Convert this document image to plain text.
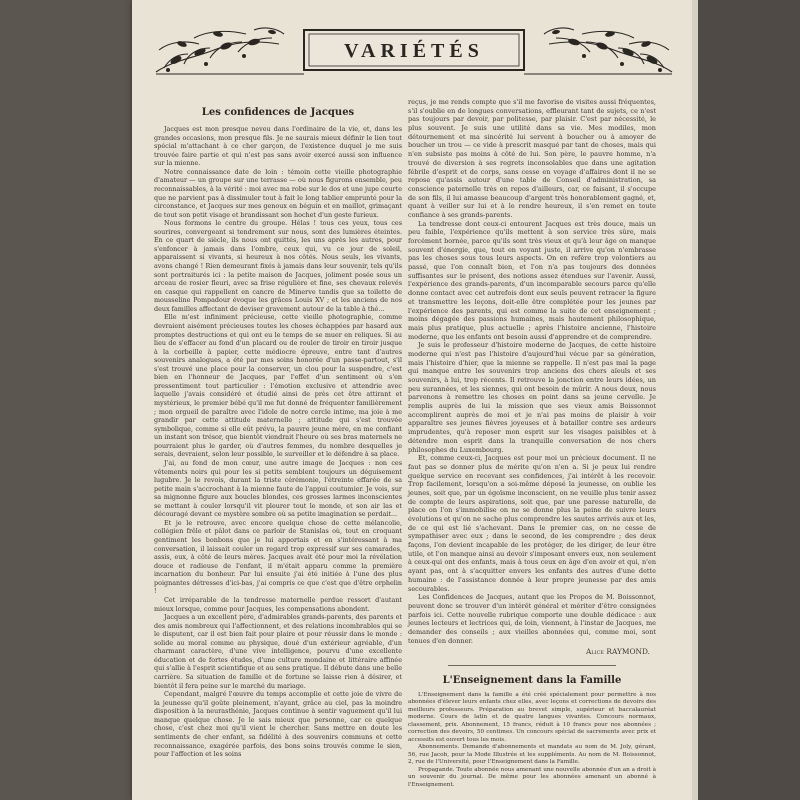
VARIÉTÉS
Les confidences de Jacques

Jacques est mon presque neveu dans l'ordinaire de la vie, et, dans les grandes occasions, mon presque fils. Je ne saurais mieux définir le lien tout spécial m'attachant à ce cher garçon, de l'existence duquel je me suis trouvée faire partie et qui n'est pas sans avoir exercé aussi son influence sur la mienne.

Notre connaissance date de loin : témoin cette vieille photographie d'amateur — un groupe sur une terrasse — où nous figurons ensemble, peu reconnaissables, à la vérité : moi avec ma robe sur le dos et une jupe courte que ne parvient pas à dissimuler tout à fait le long tablier emprunté pour la circonstance, et Jacques sur mes genoux en béguin et en maillot, grimaçant de tout son petit visage et brandissant son hochet d'un geste furieux.

Nous formons le centre du groupe. Hélas ! tous ces yeux, tous ces sourires, convergeant si tendrement sur nous, sont des lumières éteintes. En ce quart de siècle, ils nous ont quittés, les uns après les autres, pour s'enfoncer à jamais dans l'ombre, ceux qui, vu ce jour de soleil, apparaissent si vivants, si heureux à nos côtés. Nous seuls, les vivants, avons changé ! Rien demeurant fixés à jamais dans leur souvenir, tels qu'ils sont portraiturés ici : la petite maison de Jacques, joliment posée sous un arceau de rosier fleuri, avec sa frise régulière et fine, ses chevaux relevés en casque qui rappellent en cancre de Minerve tandis que sa toilette de mousseline Pompadour évoque les grâces Louis XV ; et les anciens de nos deux familles affectant de deviser gravement autour de la table à thé...

Elle m'est infiniment précieuse, cette vieille photographie, comme devraient aisément précieuses toutes les choses échappées par hasard aux promptes destructions et qui ont eu le temps de se muer en reliques. Si au lieu de s'effacer au fond d'un placard ou de rouler de tiroir en tiroir jusque à la corbeille à papier, cette médiocre épreuve, entre tant d'autres souvenirs analogues, a été par mes soins honorée d'un passe-partout, s'il s'est trouvé une place pour la conserver, un clou pour la suspendre, c'est bien en l'honneur de Jacques, par l'effet d'un sentiment où s'en pressentiment tout particulier : l'émotion exclusive et attendrie avec laquelle j'avais considéré et étudié ainsi de près cet être attirant et mystérieux, le premier bébé qu'il me fut donné de fréquenter familièrement ; mon orgueil de paraître avec l'idole de notre cercle intime, ma joie à me grandir par cette attitude maternelle ; attitude qui s'est trouvée symbolique, comme si elle eût prévu, la pauvre jeune mère, en me confiant un instant son trésor, que bientôt viendrait l'heure où ses bras maternels ne pourraient plus le garder, où d'autres femmes, du nombre desquelles je serais, devraient, selon leur possible, le surveiller et le défendre à sa place.

J'ai, au fond de mon cœur, une autre image de Jacques : non ces vêtements noirs qui pour les si petits semblent toujours un déguisement lugubre. Je le revois, durant la triste cérémonie, l'étreinte effarée de sa petite main s'accrochant à la mienne faute de l'appui coutumier. Je vois, sur sa mignonne figure aux boucles blondes, ces grosses larmes inconscientes se mettant à couler lorsqu'il vit pleurer tout le monde, et son air las et découragé devant ce mystère sombre où sa petite imagination se perdait...

Et je le retrouve, avec encore quelque chose de cette mélancolie, collégien frêle et pâlot dans ce parloir de Stanislas où, tout en croquant gentiment les bonbons que je lui apportais et en s'intéressant à ma conversation, il laissait couler un regard trop expressif sur ses camarades, assis, eux, à côté de leurs mères. Jacques avait été pour moi la révélation douce et radieuse de l'enfant, il m'était apparu comme la première incarnation du bonheur. Par lui ensuite j'ai été initiée à l'une des plus poignantes détresses d'ici-bas, j'ai compris ce que c'est que d'être orphelin !

Cet irréparable de la tendresse maternelle perdue ressort d'autant mieux lorsque, comme pour Jacques, les compensations abondent.

Jacques a un excellent père, d'admirables grands-parents, des parents et des amis nombreux qui l'affectionnent, et des relations incombrables qui se le disputent, car il est bien fait pour plaire et pour réussir dans le monde : solide au moral comme au physique, doué d'un extérieur agréable, d'un charmant caractère, d'une vive intelligence, pourvu d'une excellente éducation et de fortes études, d'une culture mondaine et littéraire affinée qui s'allie à l'esprit scientifique et au sens pratique. Il débute dans une belle carrière. Sa situation de famille et de fortune se laisse rien à désirer, et bientôt il fera peine sur le marché du mariage.

Cependant, malgré l'œuvre du temps accomplie et cette joie de vivre de la jeunesse qu'il goûte pleinement, n'ayant, grâce au ciel, pas la moindre disposition à la neurasthénie, Jacques continue à sentir vaguement qu'il lui manque quelque chose. Je le sais mieux que personne, car ce quelque chose, c'est chez moi qu'il vient le chercher. Sans mettre en doute les sentiments de cher enfant, sa fidélité à des souvenirs communs et cette reconnaissance, exagérée parfois, des bons soins trouvés comme le sien, pour l'affection et les soins

reçus, je me rends compte que s'il me favorise de visites aussi fréquentes, s'il s'oublie en de longues conversations, effleurant tant de sujets, ce n'est pas toujours par devoir, par politesse, par plaisir. C'est par nécessité, le plus souvent. Je suis une utilité dans sa vie. Mes modiles, mon détournement et ma sincérité lui servent à boucher ou à amoyer de boucher un trou — ce vide à prescrit masqué par tant de choses, mais qui n'en subsiste pas moins à côté de lui. Son père, le pauvre homme, n'a trouvé de diversion à ses regrets inconsolables que dans une agitation fébrile d'esprit et de corps, sans cesse en voyage d'affaires dont il ne se repose qu'assis autour d'une table de Conseil d'administration, sa conscience paternelle très en repos d'ailleurs, car, ce faisant, il s'occupe de son fils, il lui amasse beaucoup d'argent très honorablement gagné, et, quant à veiller sur lui et à le rendre heureux, il s'en remet en toute confiance à ses grands-parents.

La tendresse dont ceux-ci entourent Jacques est très douce, mais un peu faible, l'expérience qu'ils mettent à son service très sûre, mais forcément bornée, parce qu'ils sont très vieux et qu'à leur âge on manque souvent d'énergie, que, tout en voyant juste, il arrive qu'on n'embrasse pas les choses sous tous leurs aspects. On en refère trop volontiers au passé, que l'on connaît bien, et l'on n'a pas toujours des données suffisantes sur le présent, des notions assez étendues sur l'avenir. Aussi, l'expérience des grands-parents, d'un incomparable secours parce qu'elle donne contact avec cet autrefois dont eux seuls peuvent retracer la figure et transmettre les leçons, doit-elle être complétée pour les jeunes par l'expérience des parents, qui est comme la suite de cet enseignement ; moins dégagée des passions humaines, mais hautement philosophique, mais plus pratique, plus actuelle ; après l'histoire ancienne, l'histoire moderne, que les enfants ont besoin aussi d'apprendre et de comprendre.

Je suis le professeur d'histoire moderne de Jacques, de cette histoire moderne qui n'est pas l'histoire d'aujourd'hui vécue par sa génération, mais l'histoire d'hier, que la mienne se rappelle. Il n'est pas mal la page qui manque entre les souvenirs trop anciens des chers aïeuls et ses souvenirs, à lui, trop récents. Il retrouve la jonction entre leurs idées, un peu surannées, et les siennes, qui ont besoin de mûrir. A nous deux, nous parvenons à remettre les choses en point dans sa jeune cervelle. Je remplis auprès de lui la mission que ses vieux amis Boissonnot accomplirent auprès de moi et je n'ai pas moins de plaisir à voir apparaître ses jeunes fièvres joyeuses et à batailler contre ses ardeurs imprudentes, qu'à reposer mon esprit sur les visages paisibles et à détendre mon esprit dans la tranquille conversation de nos chers philosophes du Luxembourg.

Et, comme ceux-ci, Jacques est pour moi un précieux document. Il ne faut pas se donner plus de mérite qu'on n'en a. Si je peux lui rendre quelque service en recevant ses confidences, j'ai intérêt à les recevoir. Trop facilement, lorsqu'on a soi-même déposé la jeunesse, on oublie les jeunes, soit que, par un égoïsme inconscient, on ne veuille plus tenir assez de compte de leurs aspirations, soit que, par une paresse naturelle, de place on l'on s'immobilise on ne se donne plus la peine de suivre leurs évolutions et qu'on ne sache plus comprendre les sautes arrivés aux et les, de ce qui est lié s'achevant. Dans le premier cas, on ne cesse de sympathiser avec eux ; dans le second, de les comprendre ; des deux façons, l'on devient incapable de les protéger, de les diriger, de leur être utile, et l'on manque ainsi au devoir s'imposant envers eux, non seulement à ceux-qui ont des enfants, mais à tous ceux en âge d'en avoir et qui, n'en ayant pas, ont à s'acquitter envers les enfants des autres d'une dette humaine : de l'assistance donnée à leur propre jeunesse par des amis secourables.

Les Confidences de Jacques, autant que les Propos de M. Boissonnot, peuvent donc se trouver d'un intérêt général et mériter d'être consignées parfois ici. Cette nouvelle rubrique comporte une double dédicace : aux jeunes lecteurs et lectrices qui, de loin, viennent, à l'instar de Jacques, me demander des conseils ; aux vieilles abonnées qui, comme moi, sont tenues d'en donner.

Alice RAYMOND.
L'Enseignement dans la Famille

L'Enseignement dans la famille a été créé spécialement pour permettre à nos abonnées d'élever leurs enfants chez elles, avec leçons et corrections de devoirs des meilleurs professeurs. Préparation au brevet simple, supérieur et baccalauréat moderne. Cours de latin et de quatre langues vivantes. Concours normaux, classement, prix. Abonnement, 15 francs, réduit à 10 francs pour nos abonnées ; correction des devoirs, 50 centimes. Un concours spécial de sacrements avec prix et accessits est ouvert tous les mois.

Abonnements. Demande d'abonnements et mandats au nom de M. Joly, gérant, 56, rue Jacob, pour la Mode Illustrée et les suppléments. Au nom de M. Boissonnot, 2, rue de l'Université, pour l'Enseignement dans la Famille.

Propagande. Toute abonnée nous amenant une nouvelle abonnée d'un an a droit à un souvenir du journal. De même pour les abonnées amenant un abonné à l'Enseignement.
